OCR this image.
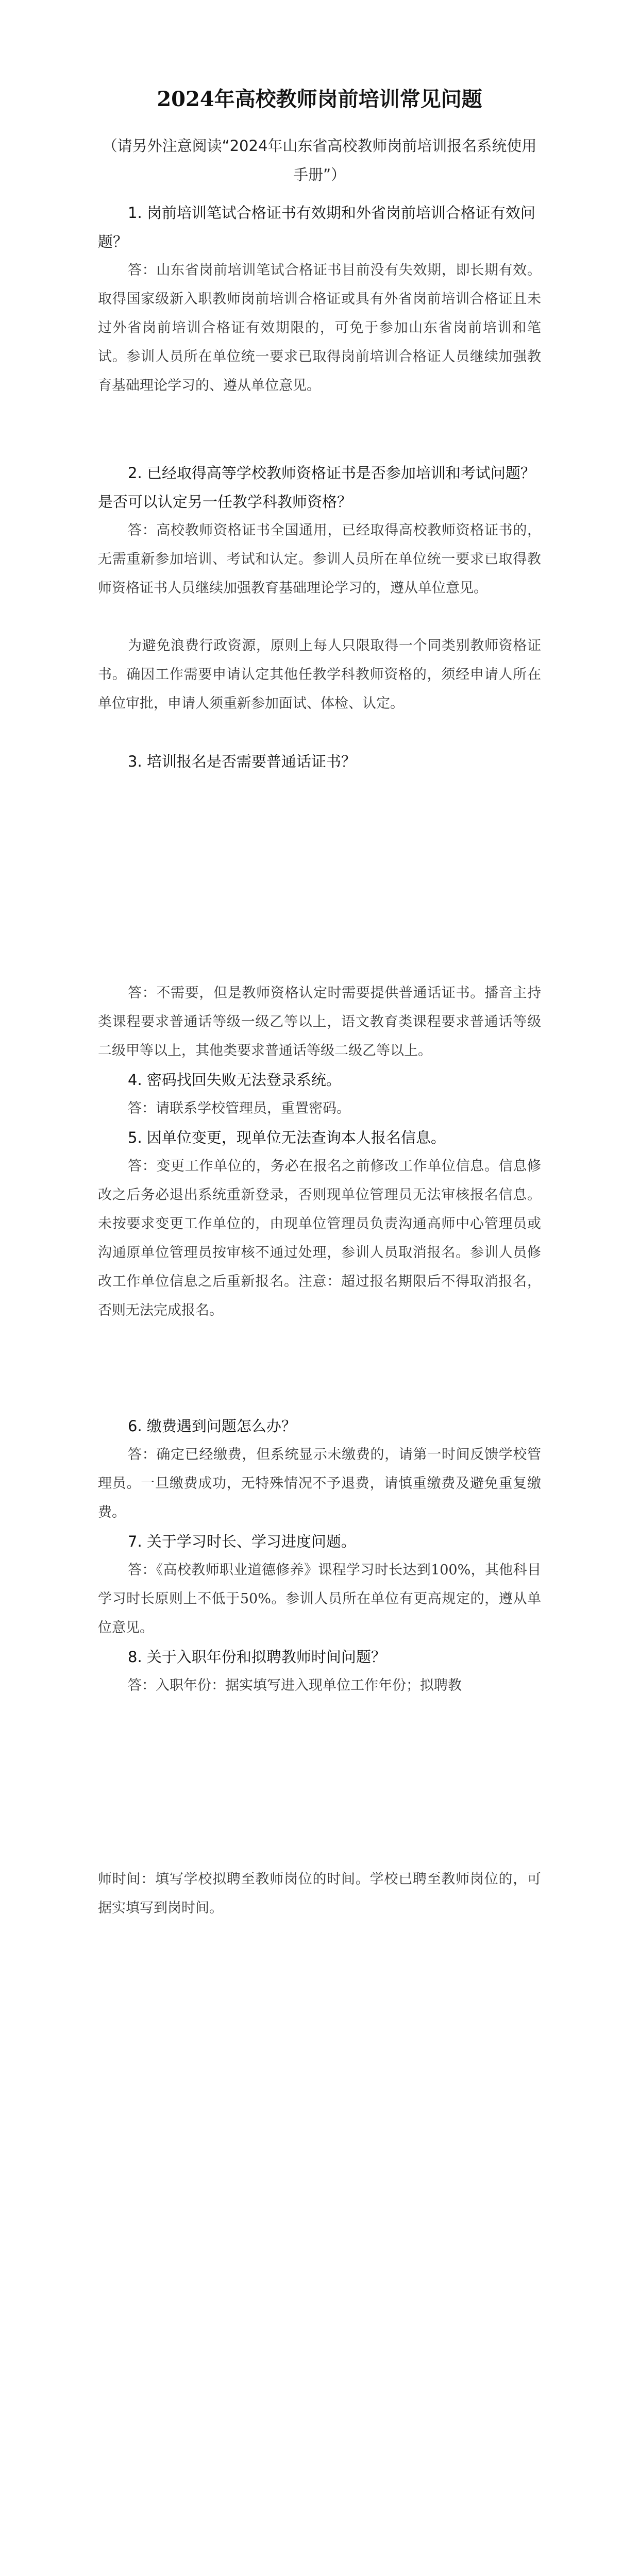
2024年高校教师岗前培训常见问题
（请另外注意阅读“2024年山东省高校教师岗前培训报名系统使用手册”）

1. 岗前培训笔试合格证书有效期和外省岗前培训合格证有效问题？

答：山东省岗前培训笔试合格证书目前没有失效期，即长期有效。取得国家级新入职教师岗前培训合格证或具有外省岗前培训合格证且未过外省岗前培训合格证有效期限的，可免于参加山东省岗前培训和笔试。参训人员所在单位统一要求已取得岗前培训合格证人员继续加强教育基础理论学习的、遵从单位意见。

2. 已经取得高等学校教师资格证书是否参加培训和考试问题？是否可以认定另一任教学科教师资格？

答：高校教师资格证书全国通用，已经取得高校教师资格证书的，无需重新参加培训、考试和认定。参训人员所在单位统一要求已取得教师资格证书人员继续加强教育基础理论学习的，遵从单位意见。

为避免浪费行政资源，原则上每人只限取得一个同类别教师资格证书。确因工作需要申请认定其他任教学科教师资格的，须经申请人所在单位审批，申请人须重新参加面试、体检、认定。

3. 培训报名是否需要普通话证书？

答：不需要，但是教师资格认定时需要提供普通话证书。播音主持类课程要求普通话等级一级乙等以上，语文教育类课程要求普通话等级二级甲等以上，其他类要求普通话等级二级乙等以上。

4. 密码找回失败无法登录系统。

答：请联系学校管理员，重置密码。

5. 因单位变更，现单位无法查询本人报名信息。

答：变更工作单位的，务必在报名之前修改工作单位信息。信息修改之后务必退出系统重新登录，否则现单位管理员无法审核报名信息。未按要求变更工作单位的，由现单位管理员负责沟通高师中心管理员或沟通原单位管理员按审核不通过处理，参训人员取消报名。参训人员修改工作单位信息之后重新报名。注意：超过报名期限后不得取消报名，否则无法完成报名。

6. 缴费遇到问题怎么办？

答：确定已经缴费，但系统显示未缴费的，请第一时间反馈学校管理员。一旦缴费成功，无特殊情况不予退费，请慎重缴费及避免重复缴费。

7. 关于学习时长、学习进度问题。

答：《高校教师职业道德修养》课程学习时长达到100%，其他科目学习时长原则上不低于50%。参训人员所在单位有更高规定的，遵从单位意见。

8. 关于入职年份和拟聘教师时间问题？

答：入职年份：据实填写进入现单位工作年份；拟聘教

师时间：填写学校拟聘至教师岗位的时间。学校已聘至教师岗位的，可据实填写到岗时间。
